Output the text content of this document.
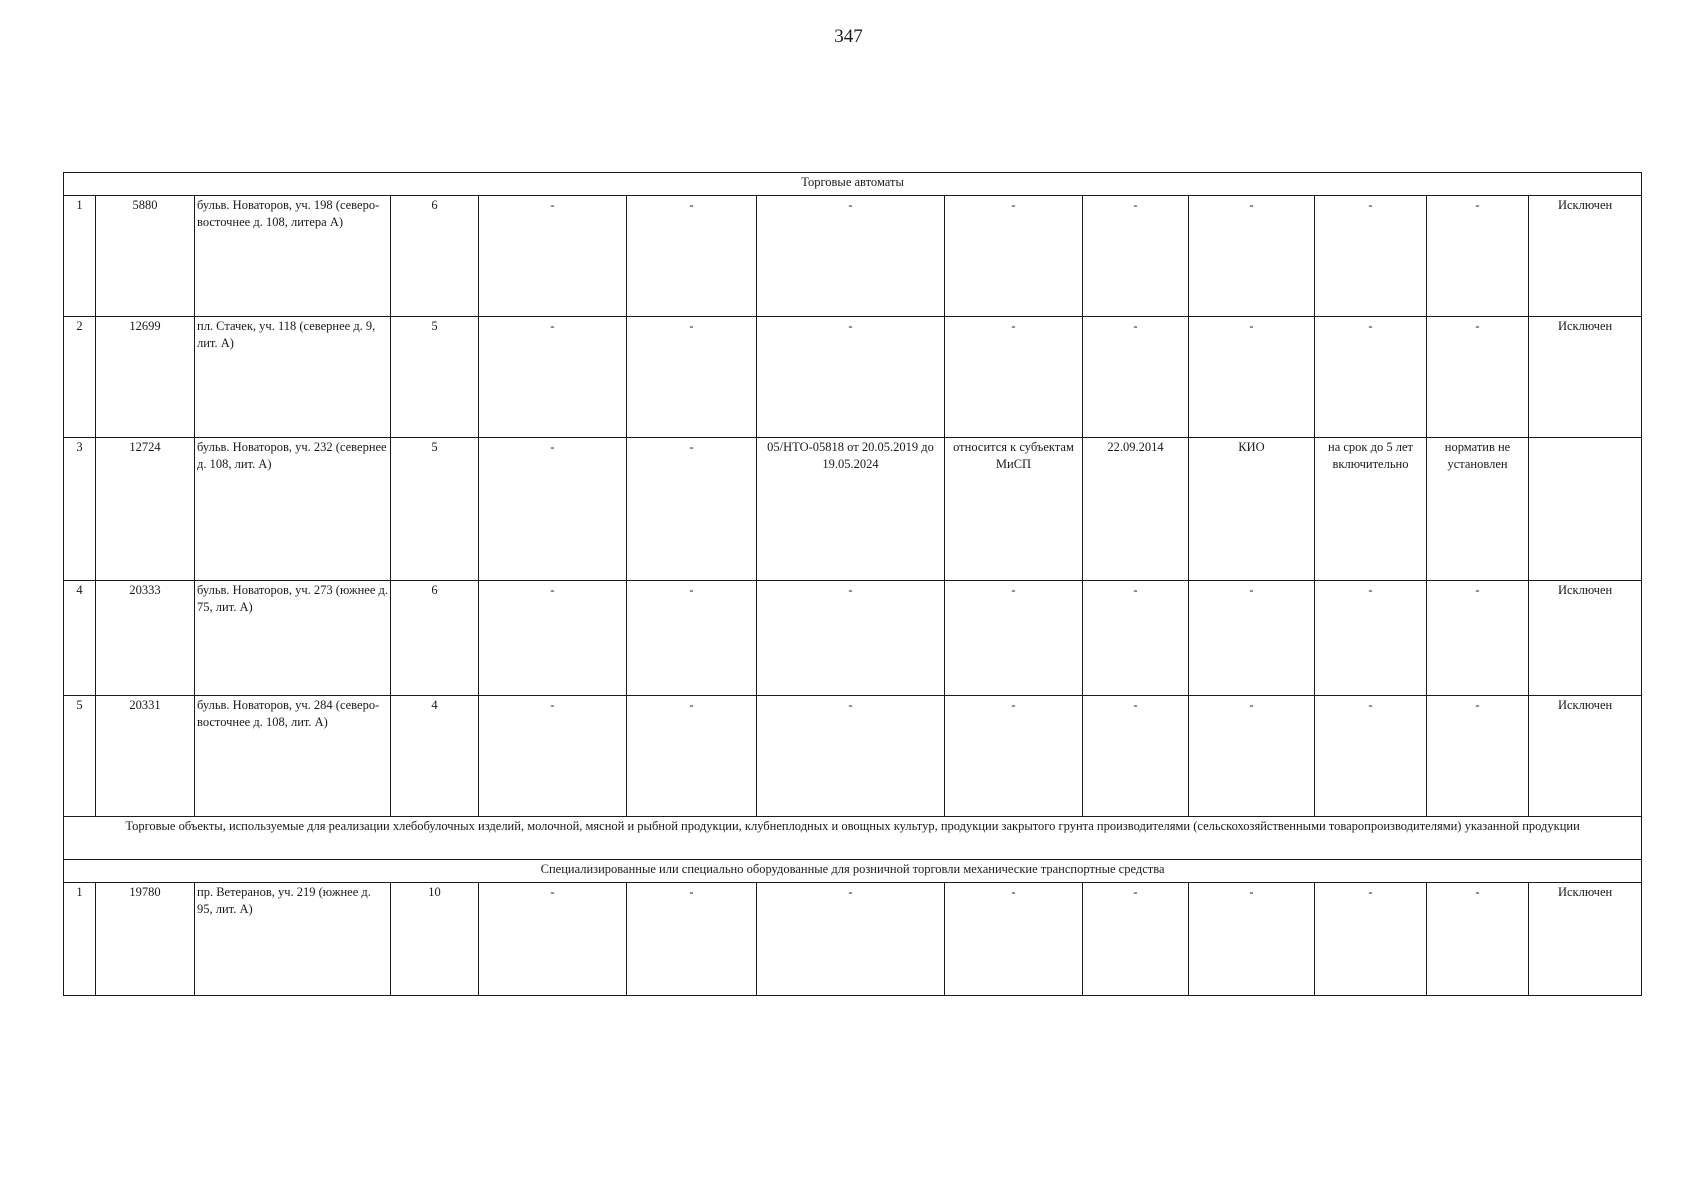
347
Торговые автоматы												
1	5880	бульв. Новаторов, уч. 198 (северо-восточнее д. 108, литера А)	6	-	-	-	-	-	-	-	-	Исключен
2	12699	пл. Стачек, уч. 118 (севернее д. 9, лит. А)	5	-	-	-	-	-	-	-	-	Исключен
3	12724	бульв. Новаторов, уч. 232 (севернее д. 108, лит. А)	5	-	-	05/НТО-05818 от 20.05.2019 до 19.05.2024	относится к субъектам МиСП	22.09.2014	КИО	на срок до 5 лет включительно	норматив не установлен	
4	20333	бульв. Новаторов, уч. 273 (южнее д. 75, лит. А)	6	-	-	-	-	-	-	-	-	Исключен
5	20331	бульв. Новаторов, уч. 284 (северо-восточнее д. 108, лит. А)	4	-	-	-	-	-	-	-	-	Исключен
Торговые объекты, используемые для реализации хлебобулочных изделий, молочной, мясной и рыбной продукции, клубнеплодных и овощных культур, продукции закрытого грунта производителями (сельскохозяйственными товаропроизводителями) указанной продукции												
Специализированные или специально оборудованные для розничной торговли механические транспортные средства												
1	19780	пр. Ветеранов, уч. 219 (южнее д. 95, лит. А)	10	-	-	-	-	-	-	-	-	Исключен
